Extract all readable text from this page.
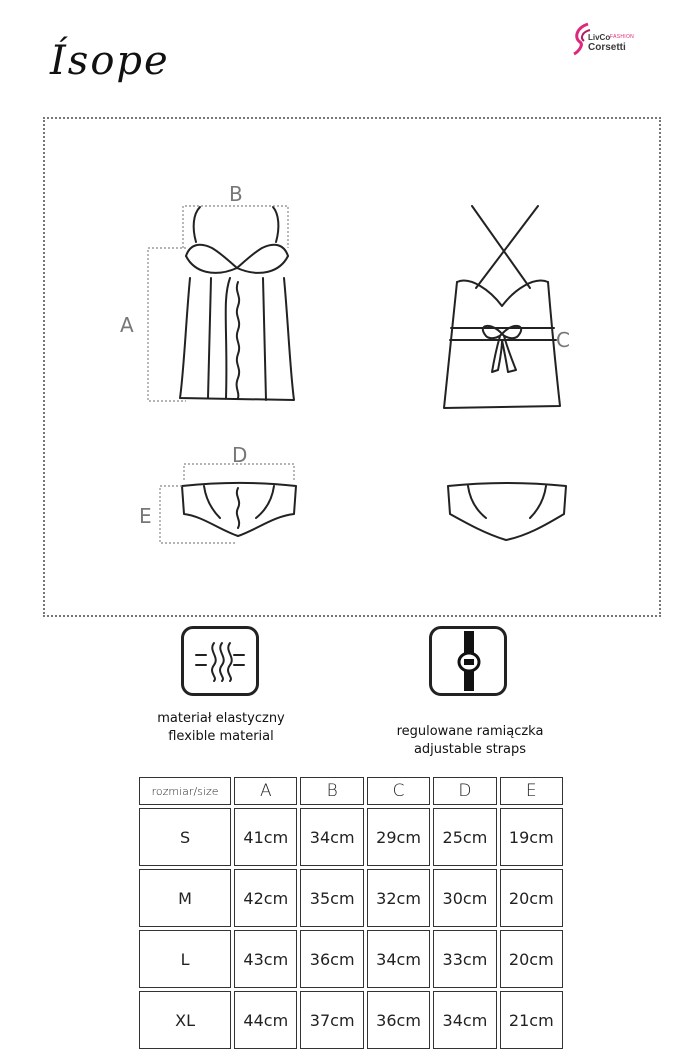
Ísope
LivCo FASHION
Corsetti
A
B
C
D
E
materiał elastyczny
flexible material	regulowane ramiączka
adjustable straps
rozmiar/size	A	B	C	D	E
S	41cm	34cm	29cm	25cm	19cm
M	42cm	35cm	32cm	30cm	20cm
L	43cm	36cm	34cm	33cm	20cm
XL	44cm	37cm	36cm	34cm	21cm
